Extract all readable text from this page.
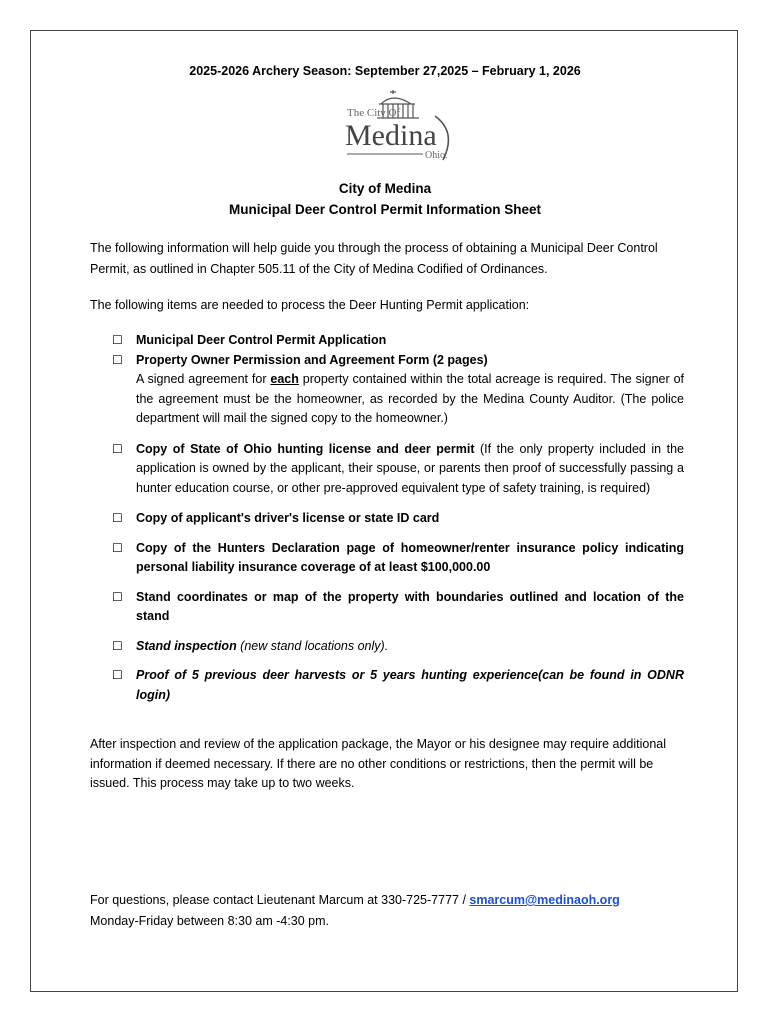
2025-2026 Archery Season: September 27,2025 – February 1, 2026
The City Of
Medina
Ohio.
City of Medina
Municipal Deer Control Permit Information Sheet
The following information will help guide you through the process of obtaining a Municipal Deer Control Permit, as outlined in Chapter 505.11 of the City of Medina Codified of Ordinances.
The following items are needed to process the Deer Hunting Permit application:
☐	Municipal Deer Control Permit Application
☐	Property Owner Permission and Agreement Form (2 pages)
A signed agreement for each property contained within the total acreage is required. The signer of the agreement must be the homeowner, as recorded by the Medina County Auditor. (The police department will mail the signed copy to the homeowner.)
☐	Copy of State of Ohio hunting license and deer permit (If the only property included in the application is owned by the applicant, their spouse, or parents then proof of successfully passing a hunter education course, or other pre-approved equivalent type of safety training, is required)
☐	Copy of applicant's driver's license or state ID card
☐	Copy of the Hunters Declaration page of homeowner/renter insurance policy indicating personal liability insurance coverage of at least $100,000.00
☐	Stand coordinates or map of the property with boundaries outlined and location of the stand
☐	Stand inspection (new stand locations only).
☐	Proof of 5 previous deer harvests or 5 years hunting experience(can be found in ODNR login)
After inspection and review of the application package, the Mayor or his designee may require additional information if deemed necessary. If there are no other conditions or restrictions, then the permit will be issued. This process may take up to two weeks.
For questions, please contact Lieutenant Marcum at 330-725-7777 / smarcum@medinaoh.org
Monday-Friday between 8:30 am -4:30 pm.
